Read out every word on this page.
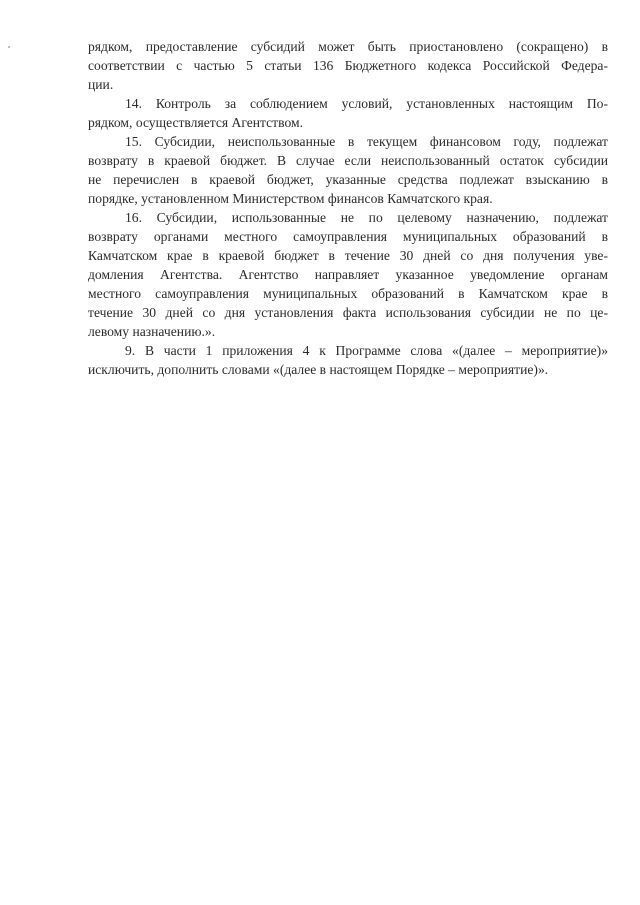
рядком, предоставление субсидий может быть приостановлено (сокращено) в
соответствии с частью 5 статьи 136 Бюджетного кодекса Российской Федера-
ции.
14. Контроль за соблюдением условий, установленных настоящим По-
рядком, осуществляется Агентством.
15. Субсидии, неиспользованные в текущем финансовом году, подлежат
возврату в краевой бюджет. В случае если неиспользованный остаток субсидии
не перечислен в краевой бюджет, указанные средства подлежат взысканию в
порядке, установленном Министерством финансов Камчатского края.
16. Субсидии, использованные не по целевому назначению, подлежат
возврату органами местного самоуправления муниципальных образований в
Камчатском крае в краевой бюджет в течение 30 дней со дня получения уве-
домления Агентства. Агентство направляет указанное уведомление органам
местного самоуправления муниципальных образований в Камчатском крае в
течение 30 дней со дня установления факта использования субсидии не по це-
левому назначению.».
9. В части 1 приложения 4 к Программе слова «(далее – мероприятие)»
исключить, дополнить словами «(далее в настоящем Порядке – мероприятие)».
